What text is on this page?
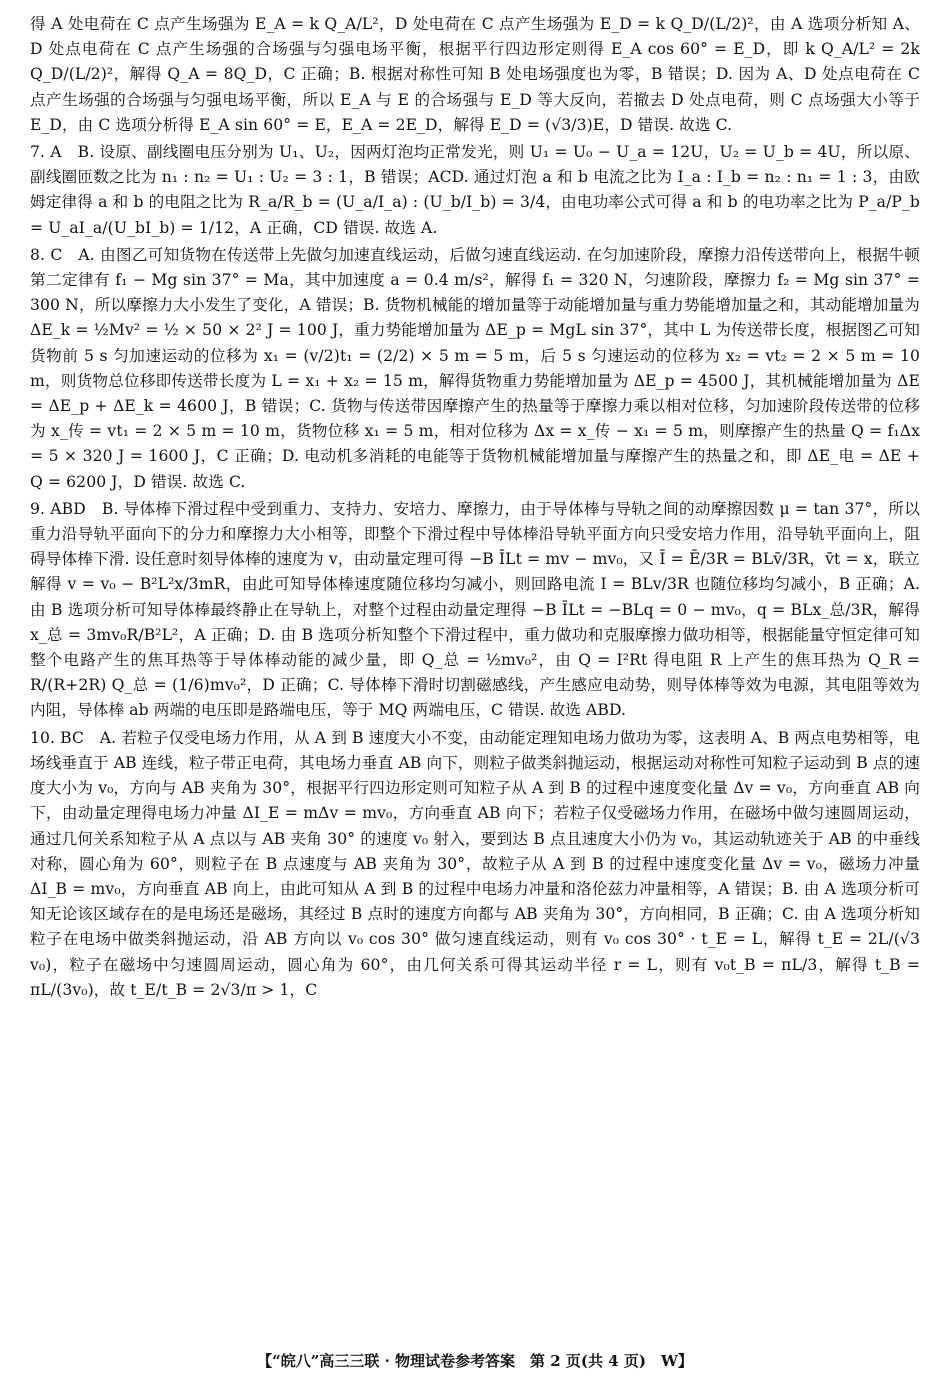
得 A 处电荷在 C 点产生场强为 E_A = k Q_A/L²，D 处电荷在 C 点产生场强为 E_D = k Q_D/(L/2)²，由 A 选项分析知 A、D 处点电荷在 C 点产生场强的合场强与匀强电场平衡，根据平行四边形定则得 E_A cos 60° = E_D，即 k Q_A/L² = 2k Q_D/(L/2)²，解得 Q_A = 8Q_D，C 正确；B. 根据对称性可知 B 处电场强度也为零，B 错误；D. 因为 A、D 处点电荷在 C 点产生场强的合场强与匀强电场平衡，所以 E_A 与 E 的合场强与 E_D 等大反向，若撤去 D 处点电荷，则 C 点场强大小等于 E_D，由 C 选项分析得 E_A sin 60° = E，E_A = 2E_D，解得 E_D = (√3/3)E，D 错误. 故选 C.

7. A　B. 设原、副线圈电压分别为 U₁、U₂，因两灯泡均正常发光，则 U₁ = U₀ − U_a = 12U，U₂ = U_b = 4U，所以原、副线圈匝数之比为 n₁ : n₂ = U₁ : U₂ = 3 : 1，B 错误；ACD. 通过灯泡 a 和 b 电流之比为 I_a : I_b = n₂ : n₁ = 1 : 3，由欧姆定律得 a 和 b 的电阻之比为 R_a/R_b = (U_a/I_a) : (U_b/I_b) = 3/4，由电功率公式可得 a 和 b 的电功率之比为 P_a/P_b = U_aI_a/(U_bI_b) = 1/12，A 正确，CD 错误. 故选 A.

8. C　A. 由图乙可知货物在传送带上先做匀加速直线运动，后做匀速直线运动. 在匀加速阶段，摩擦力沿传送带向上，根据牛顿第二定律有 f₁ − Mg sin 37° = Ma，其中加速度 a = 0.4 m/s²，解得 f₁ = 320 N，匀速阶段，摩擦力 f₂ = Mg sin 37° = 300 N，所以摩擦力大小发生了变化，A 错误；B. 货物机械能的增加量等于动能增加量与重力势能增加量之和，其动能增加量为 ΔE_k = ½Mv² = ½ × 50 × 2² J = 100 J，重力势能增加量为 ΔE_p = MgL sin 37°，其中 L 为传送带长度，根据图乙可知货物前 5 s 匀加速运动的位移为 x₁ = (v/2)t₁ = (2/2) × 5 m = 5 m，后 5 s 匀速运动的位移为 x₂ = vt₂ = 2 × 5 m = 10 m，则货物总位移即传送带长度为 L = x₁ + x₂ = 15 m，解得货物重力势能增加量为 ΔE_p = 4500 J，其机械能增加量为 ΔE = ΔE_p + ΔE_k = 4600 J，B 错误；C. 货物与传送带因摩擦产生的热量等于摩擦力乘以相对位移，匀加速阶段传送带的位移为 x_传 = vt₁ = 2 × 5 m = 10 m，货物位移 x₁ = 5 m，相对位移为 Δx = x_传 − x₁ = 5 m，则摩擦产生的热量 Q = f₁Δx = 5 × 320 J = 1600 J，C 正确；D. 电动机多消耗的电能等于货物机械能增加量与摩擦产生的热量之和，即 ΔE_电 = ΔE + Q = 6200 J，D 错误. 故选 C.

9. ABD　B. 导体棒下滑过程中受到重力、支持力、安培力、摩擦力，由于导体棒与导轨之间的动摩擦因数 μ = tan 37°，所以重力沿导轨平面向下的分力和摩擦力大小相等，即整个下滑过程中导体棒沿导轨平面方向只受安培力作用，沿导轨平面向上，阻碍导体棒下滑. 设任意时刻导体棒的速度为 v，由动量定理可得 −B ĪLt = mv − mv₀，又 Ī = Ē/3R = BLv̄/3R，v̄t = x，联立解得 v = v₀ − B²L²x/3mR，由此可知导体棒速度随位移均匀减小，则回路电流 I = BLv/3R 也随位移均匀减小，B 正确；A. 由 B 选项分析可知导体棒最终静止在导轨上，对整个过程由动量定理得 −B ĪLt = −BLq = 0 − mv₀，q = BLx_总/3R，解得 x_总 = 3mv₀R/B²L²，A 正确；D. 由 B 选项分析知整个下滑过程中，重力做功和克服摩擦力做功相等，根据能量守恒定律可知整个电路产生的焦耳热等于导体棒动能的减少量，即 Q_总 = ½mv₀²，由 Q = I²Rt 得电阻 R 上产生的焦耳热为 Q_R = R/(R+2R) Q_总 = (1/6)mv₀²，D 正确；C. 导体棒下滑时切割磁感线，产生感应电动势，则导体棒等效为电源，其电阻等效为内阻，导体棒 ab 两端的电压即是路端电压，等于 MQ 两端电压，C 错误. 故选 ABD.

10. BC　A. 若粒子仅受电场力作用，从 A 到 B 速度大小不变，由动能定理知电场力做功为零，这表明 A、B 两点电势相等，电场线垂直于 AB 连线，粒子带正电荷，其电场力垂直 AB 向下，则粒子做类斜抛运动，根据运动对称性可知粒子运动到 B 点的速度大小为 v₀，方向与 AB 夹角为 30°，根据平行四边形定则可知粒子从 A 到 B 的过程中速度变化量 Δv = v₀，方向垂直 AB 向下，由动量定理得电场力冲量 ΔI_E = mΔv = mv₀，方向垂直 AB 向下；若粒子仅受磁场力作用，在磁场中做匀速圆周运动，通过几何关系知粒子从 A 点以与 AB 夹角 30° 的速度 v₀ 射入，要到达 B 点且速度大小仍为 v₀，其运动轨迹关于 AB 的中垂线对称，圆心角为 60°，则粒子在 B 点速度与 AB 夹角为 30°，故粒子从 A 到 B 的过程中速度变化量 Δv = v₀，磁场力冲量 ΔI_B = mv₀，方向垂直 AB 向上，由此可知从 A 到 B 的过程中电场力冲量和洛伦兹力冲量相等，A 错误；B. 由 A 选项分析可知无论该区域存在的是电场还是磁场，其经过 B 点时的速度方向都与 AB 夹角为 30°，方向相同，B 正确；C. 由 A 选项分析知粒子在电场中做类斜抛运动，沿 AB 方向以 v₀ cos 30° 做匀速直线运动，则有 v₀ cos 30° · t_E = L，解得 t_E = 2L/(√3 v₀)，粒子在磁场中匀速圆周运动，圆心角为 60°，由几何关系可得其运动半径 r = L，则有 v₀t_B = πL/3，解得 t_B = πL/(3v₀)，故 t_E/t_B = 2√3/π > 1，C

【“皖八”高三三联 · 物理试卷参考答案　第 2 页(共 4 页)　W】
